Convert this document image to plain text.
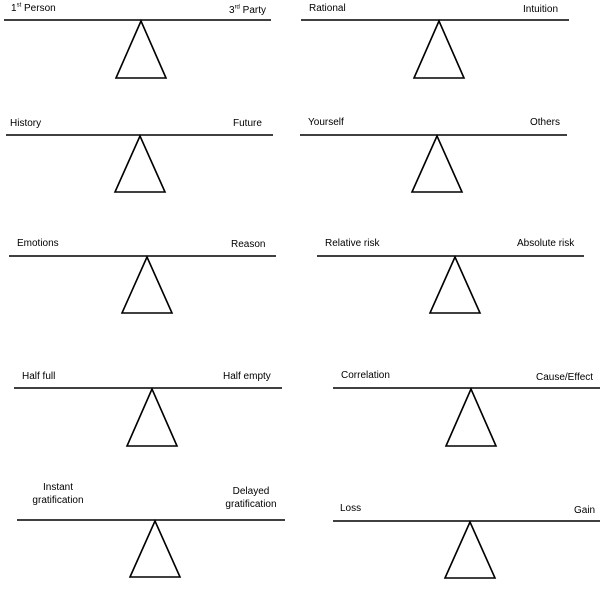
1st Person	3rd Party	Rational	Intuition
History	Future	Yourself	Others
Emotions	Reason	Relative risk	Absolute risk
Half full	Half empty	Correlation	Cause/Effect
Instant
gratification
Delayed
gratification	Loss	Gain
